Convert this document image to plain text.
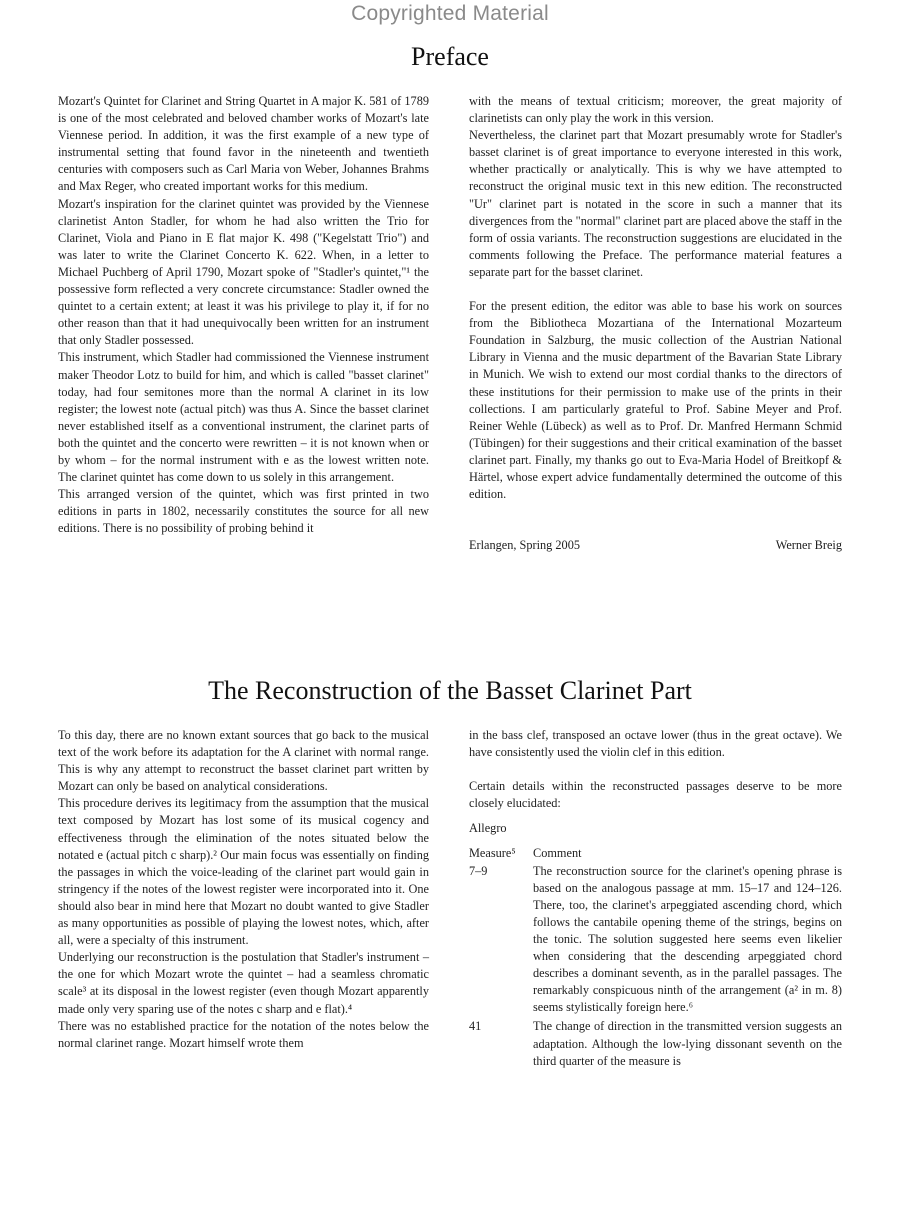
Copyrighted Material
Preface

Mozart's Quintet for Clarinet and String Quartet in A major K. 581 of 1789 is one of the most celebrated and beloved chamber works of Mozart's late Viennese period. In addition, it was the first example of a new type of instrumental setting that found favor in the nineteenth and twentieth centuries with composers such as Carl Maria von Weber, Johannes Brahms and Max Reger, who created important works for this medium.

Mozart's inspiration for the clarinet quintet was provided by the Viennese clarinetist Anton Stadler, for whom he had also written the Trio for Clarinet, Viola and Piano in E flat major K. 498 ("Kegelstatt Trio") and was later to write the Clarinet Concerto K. 622. When, in a letter to Michael Puchberg of April 1790, Mozart spoke of "Stadler's quintet,"¹ the possessive form reflected a very concrete circumstance: Stadler owned the quintet to a certain extent; at least it was his privilege to play it, if for no other reason than that it had unequivocally been written for an instrument that only Stadler possessed.

This instrument, which Stadler had commissioned the Viennese instrument maker Theodor Lotz to build for him, and which is called "basset clarinet" today, had four semitones more than the normal A clarinet in its low register; the lowest note (actual pitch) was thus A. Since the basset clarinet never established itself as a conventional instrument, the clarinet parts of both the quintet and the concerto were rewritten – it is not known when or by whom – for the normal instrument with e as the lowest written note. The clarinet quintet has come down to us solely in this arrangement.

This arranged version of the quintet, which was first printed in two editions in parts in 1802, necessarily constitutes the source for all new editions. There is no possibility of probing behind it

with the means of textual criticism; moreover, the great majority of clarinetists can only play the work in this version.

Nevertheless, the clarinet part that Mozart presumably wrote for Stadler's basset clarinet is of great importance to everyone interested in this work, whether practically or analytically. This is why we have attempted to reconstruct the original music text in this new edition. The reconstructed "Ur" clarinet part is notated in the score in such a manner that its divergences from the "normal" clarinet part are placed above the staff in the form of ossia variants. The reconstruction suggestions are elucidated in the comments following the Preface. The performance material features a separate part for the basset clarinet.

For the present edition, the editor was able to base his work on sources from the Bibliotheca Mozartiana of the International Mozarteum Foundation in Salzburg, the music collection of the Austrian National Library in Vienna and the music department of the Bavarian State Library in Munich. We wish to extend our most cordial thanks to the directors of these institutions for their permission to make use of the prints in their collections. I am particularly grateful to Prof. Sabine Meyer and Prof. Reiner Wehle (Lübeck) as well as to Prof. Dr. Manfred Hermann Schmid (Tübingen) for their suggestions and their critical examination of the basset clarinet part. Finally, my thanks go out to Eva-Maria Hodel of Breitkopf & Härtel, whose expert advice fundamentally determined the outcome of this edition.

Erlangen, Spring 2005	Werner Breig
The Reconstruction of the Basset Clarinet Part

To this day, there are no known extant sources that go back to the musical text of the work before its adaptation for the A clarinet with normal range. This is why any attempt to reconstruct the basset clarinet part written by Mozart can only be based on analytical considerations.

This procedure derives its legitimacy from the assumption that the musical text composed by Mozart has lost some of its musical cogency and effectiveness through the elimination of the notes situated below the notated e (actual pitch c sharp).² Our main focus was essentially on finding the passages in which the voice-leading of the clarinet part would gain in stringency if the notes of the lowest register were incorporated into it. One should also bear in mind here that Mozart no doubt wanted to give Stadler as many opportunities as possible of playing the lowest notes, which, after all, were a specialty of this instrument.

Underlying our reconstruction is the postulation that Stadler's instrument – the one for which Mozart wrote the quintet – had a seamless chromatic scale³ at its disposal in the lowest register (even though Mozart apparently made only very sparing use of the notes c sharp and e flat).⁴

There was no established practice for the notation of the notes below the normal clarinet range. Mozart himself wrote them

in the bass clef, transposed an octave lower (thus in the great octave). We have consistently used the violin clef in this edition.

Certain details within the reconstructed passages deserve to be more closely elucidated:

Allegro

Measure⁵	Comment
7–9	The reconstruction source for the clarinet's opening phrase is based on the analogous passage at mm. 15–17 and 124–126. There, too, the clarinet's arpeggiated ascending chord, which follows the cantabile opening theme of the strings, begins on the tonic. The solution suggested here seems even likelier when considering that the descending arpeggiated chord describes a dominant seventh, as in the parallel passages. The remarkably conspicuous ninth of the arrangement (a² in m. 8) seems stylistically foreign here.⁶
41	The change of direction in the transmitted version suggests an adaptation. Although the low-lying dissonant seventh on the third quarter of the measure is
